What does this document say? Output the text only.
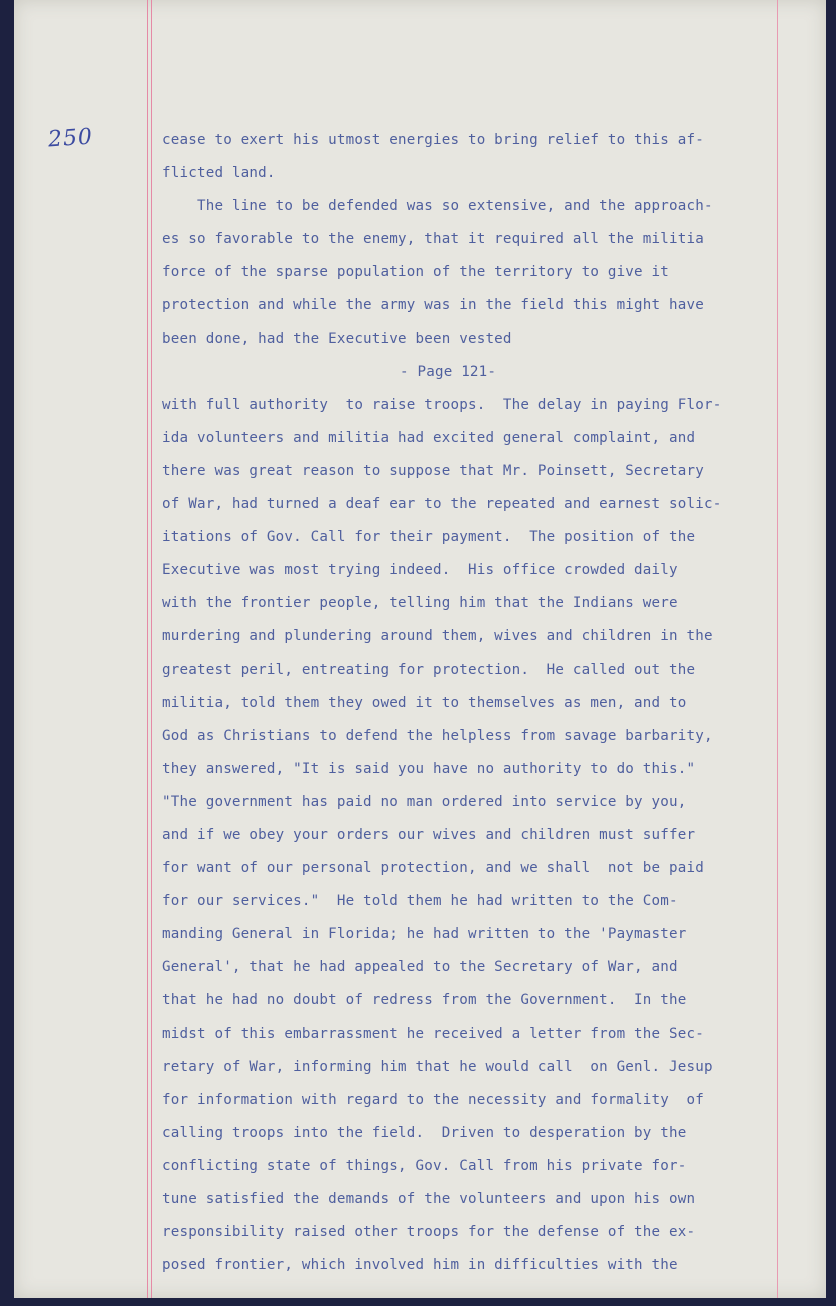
250	cease to exert his utmost energies to bring relief to this af-
flicted land.
The line to be defended was so extensive, and the approach-
es so favorable to the enemy, that it required all the militia
force of the sparse population of the territory to give it
protection and while the army was in the field this might have
been done, had the Executive been vested
- Page 121-
with full authority  to raise troops.  The delay in paying Flor-
ida volunteers and militia had excited general complaint, and
there was great reason to suppose that Mr. Poinsett, Secretary
of War, had turned a deaf ear to the repeated and earnest solic-
itations of Gov. Call for their payment.  The position of the
Executive was most trying indeed.  His office crowded daily
with the frontier people, telling him that the Indians were
murdering and plundering around them, wives and children in the
greatest peril, entreating for protection.  He called out the
militia, told them they owed it to themselves as men, and to
God as Christians to defend the helpless from savage barbarity,
they answered, "It is said you have no authority to do this."
"The government has paid no man ordered into service by you,
and if we obey your orders our wives and children must suffer
for want of our personal protection, and we shall  not be paid
for our services."  He told them he had written to the Com-
manding General in Florida; he had written to the 'Paymaster
General', that he had appealed to the Secretary of War, and
that he had no doubt of redress from the Government.  In the
midst of this embarrassment he received a letter from the Sec-
retary of War, informing him that he would call  on Genl. Jesup
for information with regard to the necessity and formality  of
calling troops into the field.  Driven to desperation by the
conflicting state of things, Gov. Call from his private for-
tune satisfied the demands of the volunteers and upon his own
responsibility raised other troops for the defense of the ex-
posed frontier, which involved him in difficulties with the
